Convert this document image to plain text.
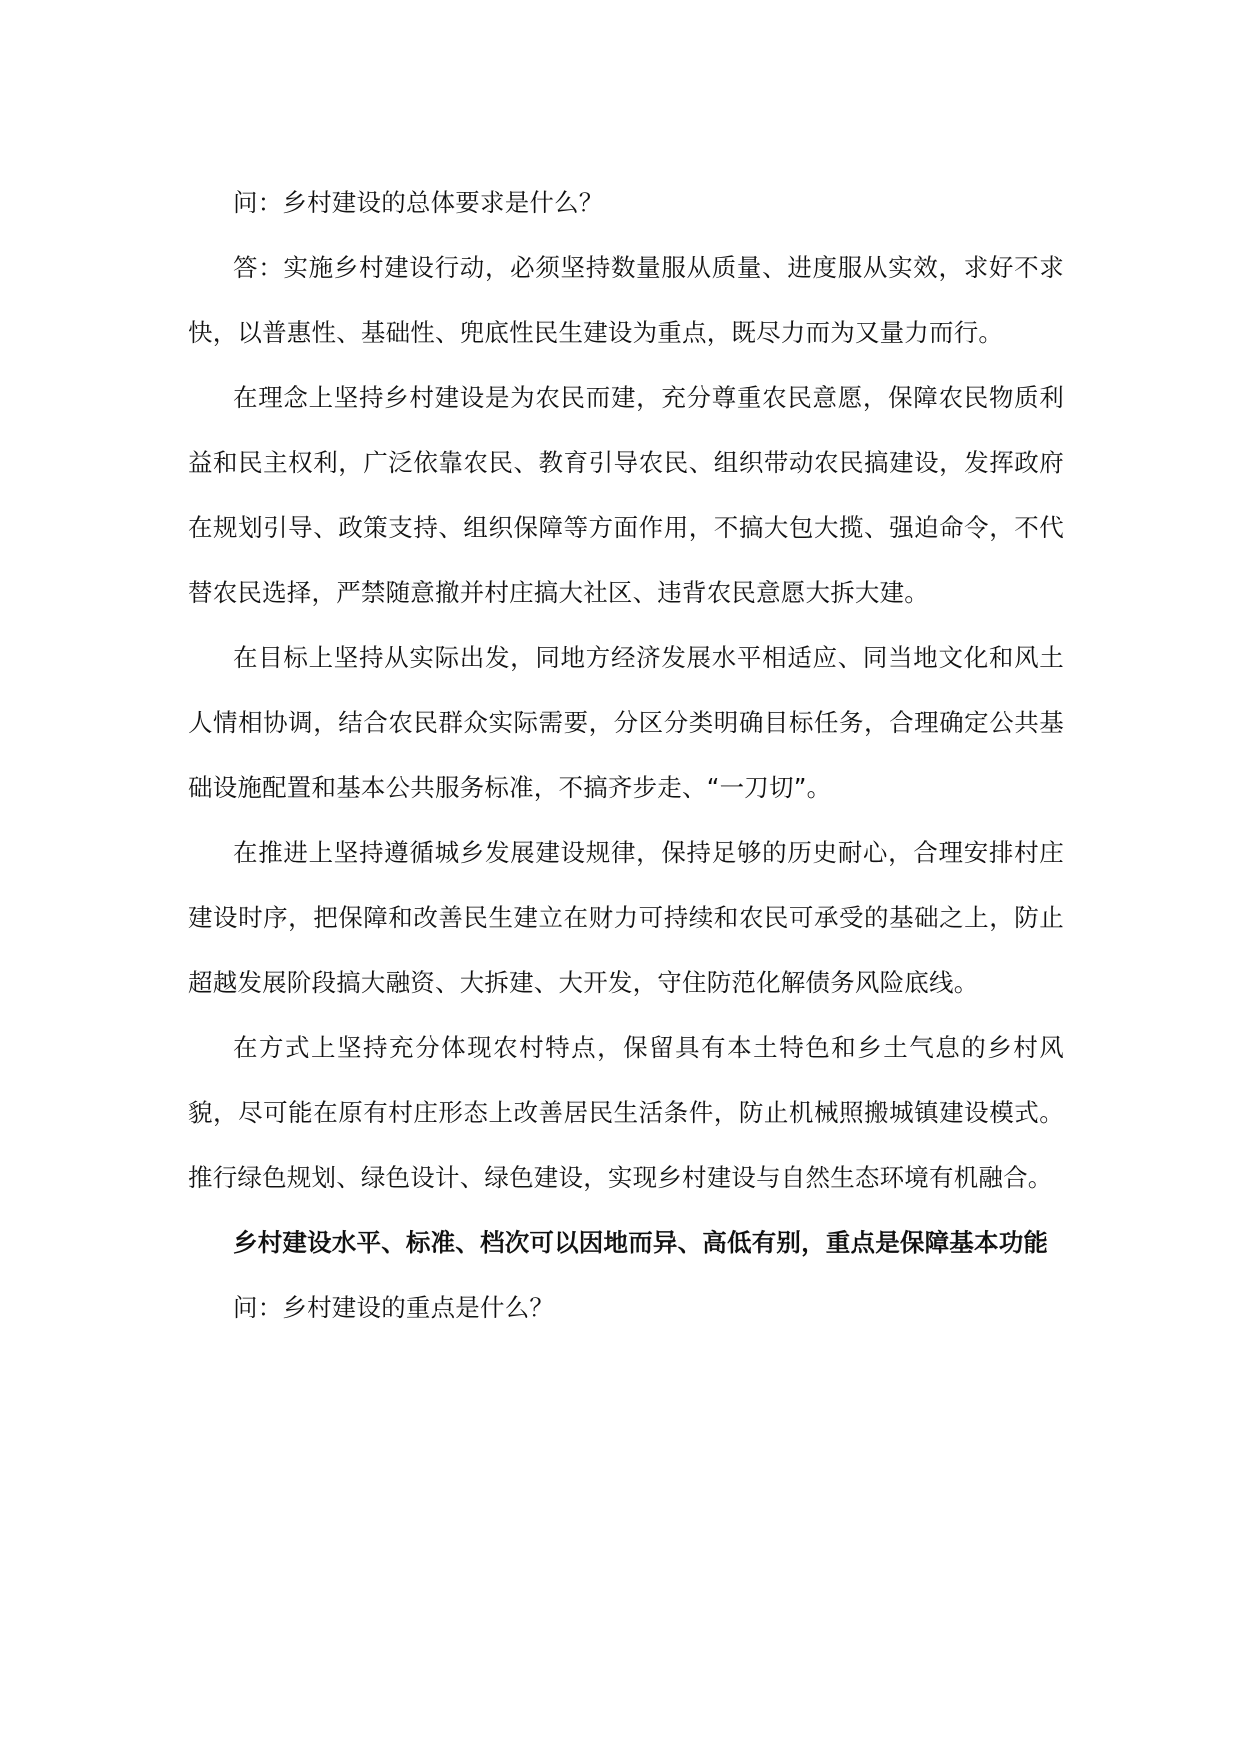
问：乡村建设的总体要求是什么？

答：实施乡村建设行动，必须坚持数量服从质量、进度服从实效，求好不求快，以普惠性、基础性、兜底性民生建设为重点，既尽力而为又量力而行。

在理念上坚持乡村建设是为农民而建，充分尊重农民意愿，保障农民物质利益和民主权利，广泛依靠农民、教育引导农民、组织带动农民搞建设，发挥政府在规划引导、政策支持、组织保障等方面作用，不搞大包大揽、强迫命令，不代替农民选择，严禁随意撤并村庄搞大社区、违背农民意愿大拆大建。

在目标上坚持从实际出发，同地方经济发展水平相适应、同当地文化和风土人情相协调，结合农民群众实际需要，分区分类明确目标任务，合理确定公共基础设施配置和基本公共服务标准，不搞齐步走、“一刀切”。

在推进上坚持遵循城乡发展建设规律，保持足够的历史耐心，合理安排村庄建设时序，把保障和改善民生建立在财力可持续和农民可承受的基础之上，防止超越发展阶段搞大融资、大拆建、大开发，守住防范化解债务风险底线。

在方式上坚持充分体现农村特点，保留具有本土特色和乡土气息的乡村风貌，尽可能在原有村庄形态上改善居民生活条件，防止机械照搬城镇建设模式。推行绿色规划、绿色设计、绿色建设，实现乡村建设与自然生态环境有机融合。

乡村建设水平、标准、档次可以因地而异、高低有别，重点是保障基本功能

问：乡村建设的重点是什么？
